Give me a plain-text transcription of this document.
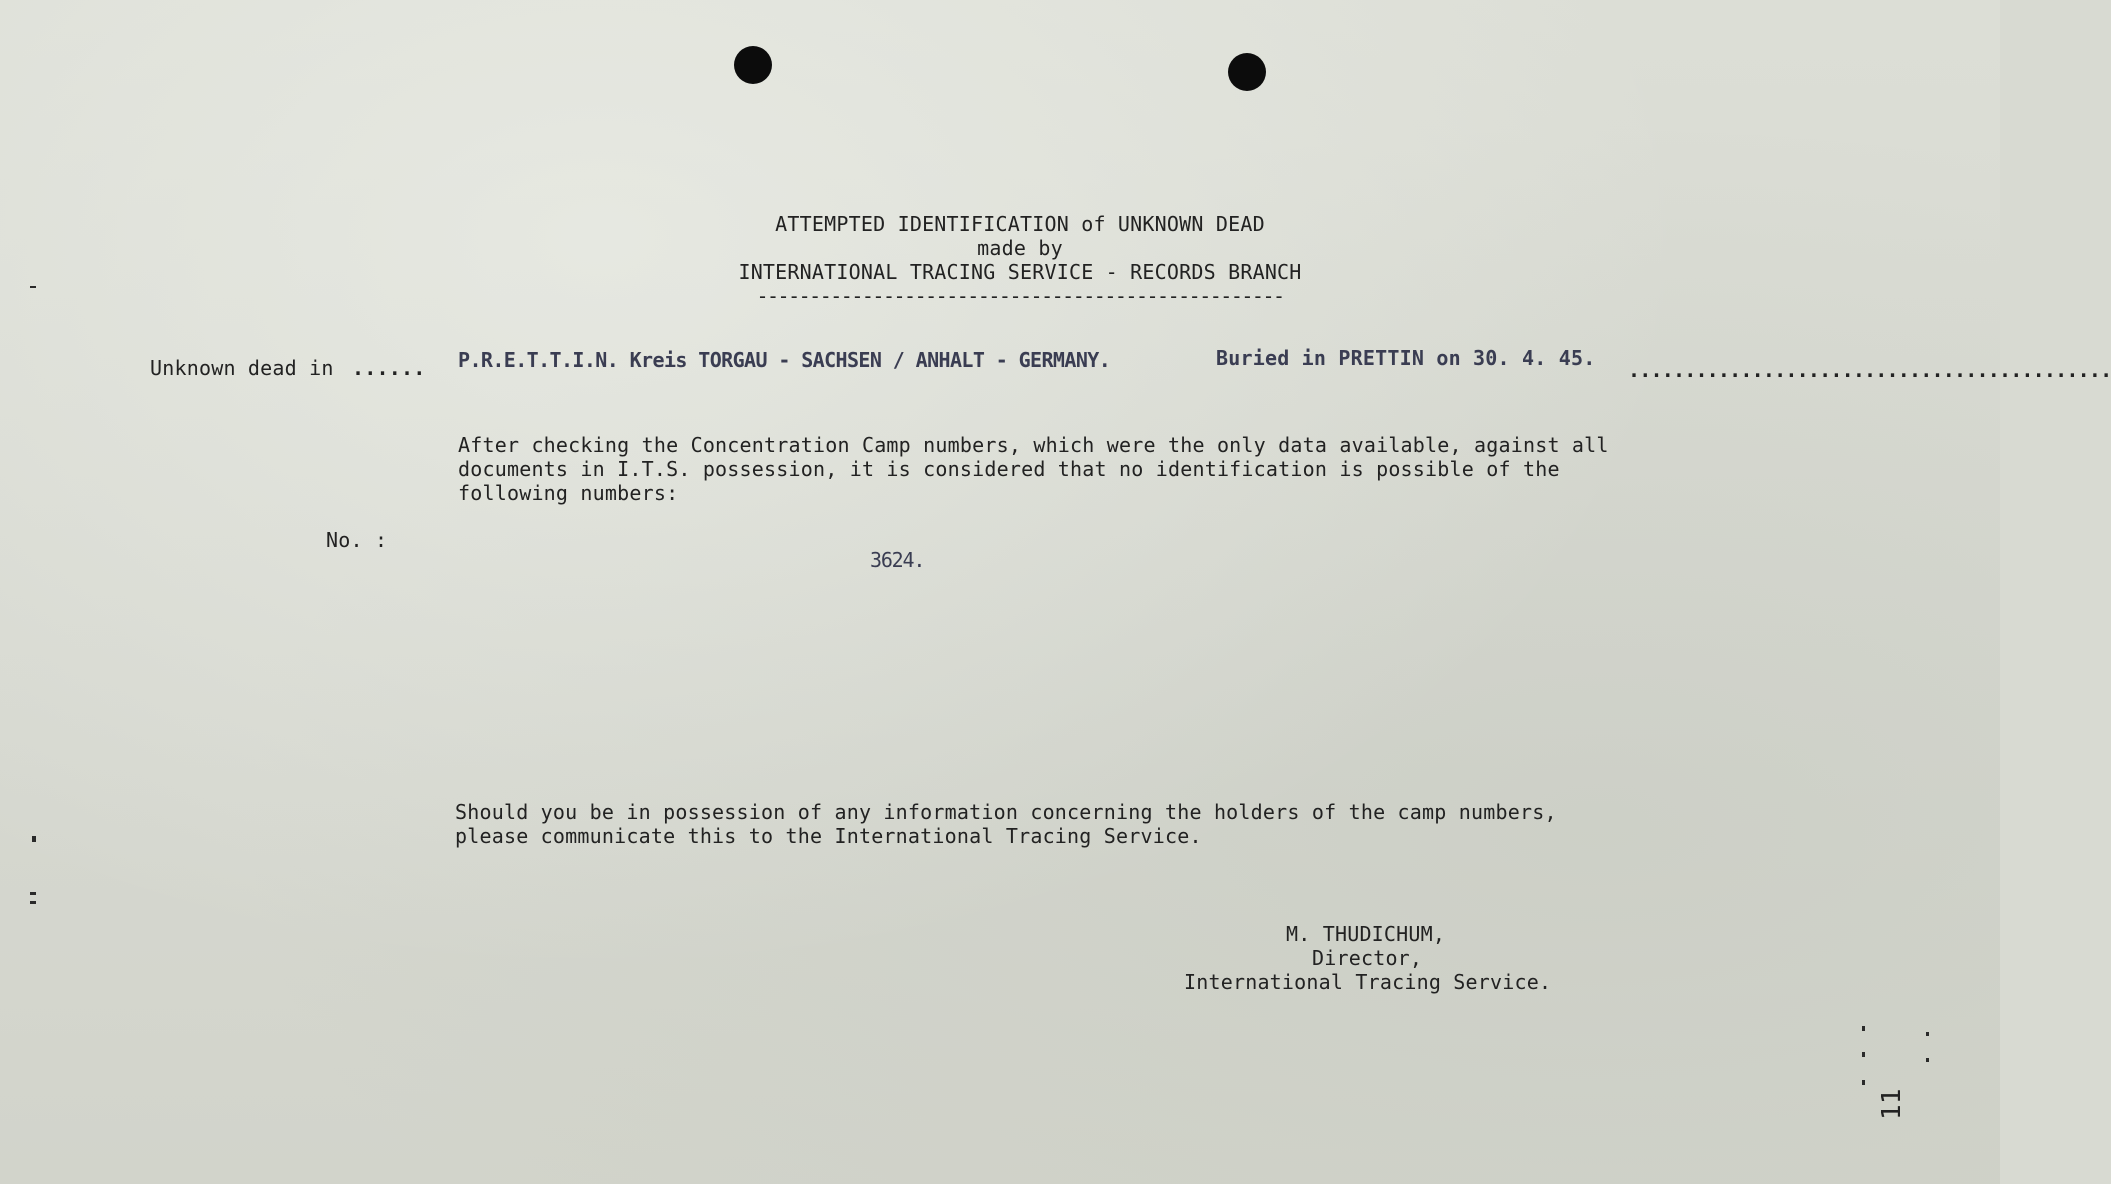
ATTEMPTED IDENTIFICATION of UNKNOWN DEAD
made by
INTERNATIONAL TRACING SERVICE - RECORDS BRANCH
--------------------------------------------------
Unknown dead in ...... P.R.E.T.T.I.N. Kreis TORGAU - SACHSEN / ANHALT - GERMANY.	Buried in PRETTIN on 30. 4. 45. ...........................................
After checking the Concentration Camp numbers, which were the only data available, against all
documents in I.T.S. possession, it is considered that no identification is possible of the
following numbers:
No. :
3624.
Should you be in possession of any information concerning the holders of the camp numbers,
please communicate this to the International Tracing Service.
M. THUDICHUM,
Director,
International Tracing Service.
11
